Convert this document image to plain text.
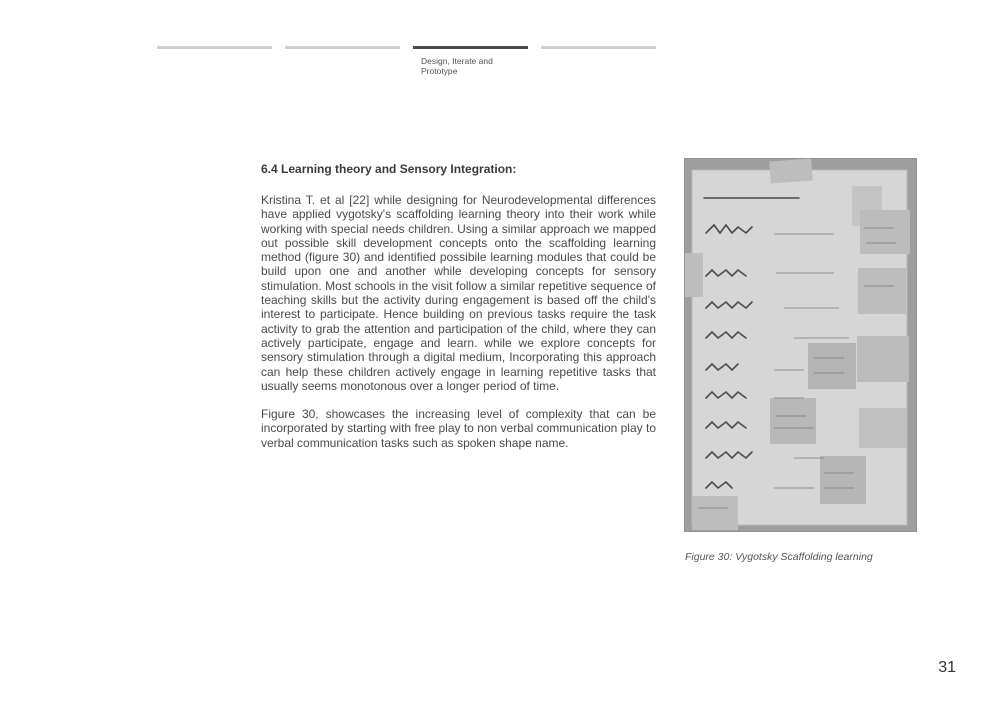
Design, Iterate and Prototype
6.4 Learning theory and Sensory Integration:

Kristina T. et al [22] while designing for Neurodevelopmental differences have applied vygotsky's scaffolding learning theory into their work while working with special needs children. Using a similar approach we mapped out possible skill development concepts onto the scaffolding learning method (figure 30) and identified possibile learning modules that could be build upon one and another while developing concepts for sensory stimulation. Most schools in the visit follow a similar repetitive sequence of teaching skills but the activity during engagement is based off the child's interest to participate. Hence building on previous tasks require the task activity to grab the attention and participation of the child, where they can actively participate, engage and learn. while we explore concepts for sensory stimulation through a digital medium, Incorporating this approach can help these children actively engage in learning repetitive tasks that usually seems monotonous over a longer period of time.

Figure 30, showcases the increasing level of complexity that can be incorporated by starting with free play to non verbal communication play to verbal communication tasks such as spoken shape name.

Figure 30: Vygotsky Scaffolding learning
31
